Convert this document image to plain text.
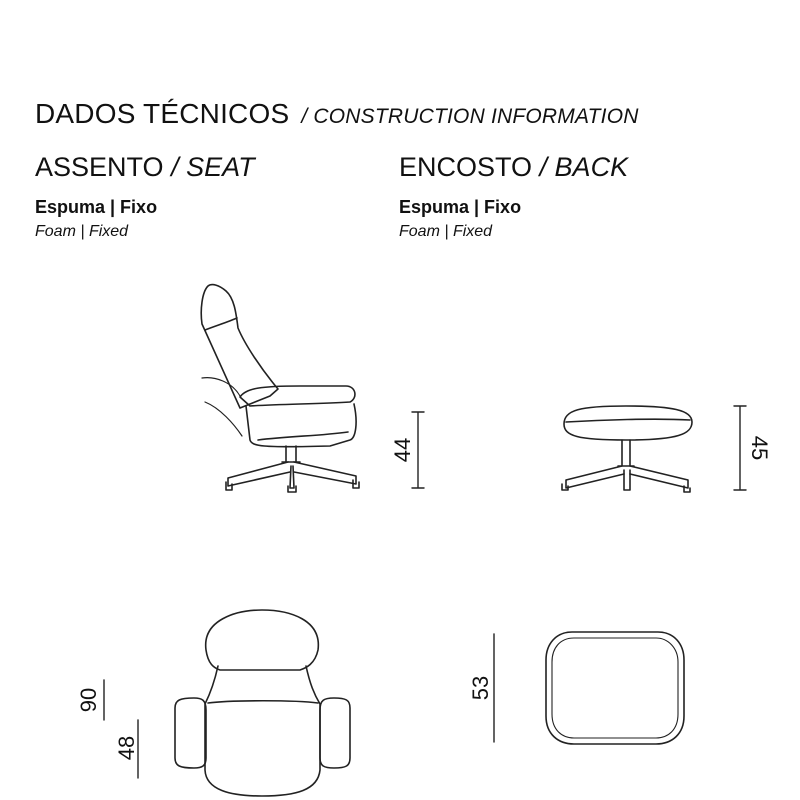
DADOS TÉCNICOS / CONSTRUCTION INFORMATION
ASSENTO / SEAT
Espuma | Fixo
Foam | Fixed
ENCOSTO / BACK
Espuma | Fixo
Foam | Fixed
44	45
90
48
53
